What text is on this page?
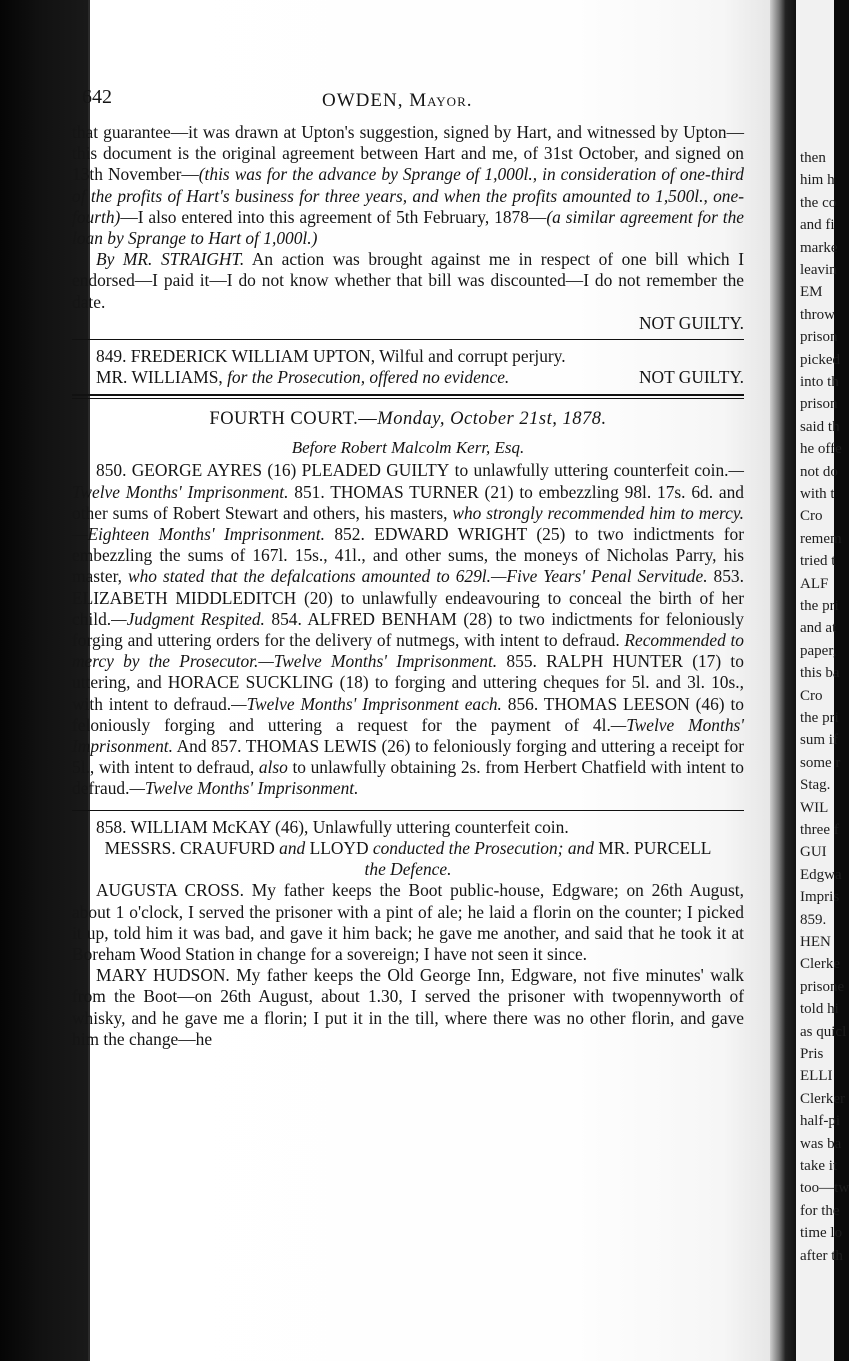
then
him h
the co
and fi
marke
leavin
EM
throw
prison
picked
into th
prison
said th
he offe
not do
with t
Cro
remem
tried t
ALF
the pri
and at
paper,
this ba
Cro
the pri
sum if
some r
Stag.
WIL
three f
GUI
Edgwa
Impris
859.
HEN
Clerke
prisone
told hi
as quicl
Pris
ELLI
Clerker
half-pi
was ba
take it
too—tw
for the
time lo
after th
642	OWDEN, Mayor.

that guarantee—it was drawn at Upton's suggestion, signed by Hart, and witnessed by Upton—this document is the original agreement between Hart and me, of 31st October, and signed on 13th November—(this was for the advance by Sprange of 1,000l., in consideration of one-third of the profits of Hart's business for three years, and when the profits amounted to 1,500l., one-fourth)—I also entered into this agreement of 5th February, 1878—(a similar agreement for the loan by Sprange to Hart of 1,000l.)

By MR. STRAIGHT. An action was brought against me in respect of one bill which I endorsed—I paid it—I do not know whether that bill was discounted—I do not remember the date.

NOT GUILTY.

849. FREDERICK WILLIAM UPTON, Wilful and corrupt perjury.

MR. WILLIAMS, for the Prosecution, offered no evidence.	NOT GUILTY.

FOURTH COURT.—Monday, October 21st, 1878.
Before Robert Malcolm Kerr, Esq.

850. GEORGE AYRES (16) PLEADED GUILTY to unlawfully uttering counterfeit coin.—Twelve Months' Imprisonment. 851. THOMAS TURNER (21) to embezzling 98l. 17s. 6d. and other sums of Robert Stewart and others, his masters, who strongly recommended him to mercy.—Eighteen Months' Imprisonment. 852. EDWARD WRIGHT (25) to two indictments for embezzling the sums of 167l. 15s., 41l., and other sums, the moneys of Nicholas Parry, his master, who stated that the defalcations amounted to 629l.—Five Years' Penal Servitude. 853. ELIZABETH MIDDLEDITCH (20) to unlawfully endeavouring to conceal the birth of her child.—Judgment Respited. 854. ALFRED BENHAM (28) to two indictments for feloniously forging and uttering orders for the delivery of nutmegs, with intent to defraud. Recommended to mercy by the Prosecutor.—Twelve Months' Imprisonment. 855. RALPH HUNTER (17) to uttering, and HORACE SUCKLING (18) to forging and uttering cheques for 5l. and 3l. 10s., with intent to defraud.—Twelve Months' Imprisonment each. 856. THOMAS LEESON (46) to feloniously forging and uttering a request for the payment of 4l.—Twelve Months' Imprisonment. And 857. THOMAS LEWIS (26) to feloniously forging and uttering a receipt for 5l., with intent to defraud, also to unlawfully obtaining 2s. from Herbert Chatfield with intent to defraud.—Twelve Months' Imprisonment.

858. WILLIAM McKAY (46), Unlawfully uttering counterfeit coin.

MESSRS. CRAUFURD and LLOYD conducted the Prosecution; and MR. PURCELL
the Defence.

AUGUSTA CROSS. My father keeps the Boot public-house, Edgware; on 26th August, about 1 o'clock, I served the prisoner with a pint of ale; he laid a florin on the counter; I picked it up, told him it was bad, and gave it him back; he gave me another, and said that he took it at Boreham Wood Station in change for a sovereign; I have not seen it since.

MARY HUDSON. My father keeps the Old George Inn, Edgware, not five minutes' walk from the Boot—on 26th August, about 1.30, I served the prisoner with twopennyworth of whisky, and he gave me a florin; I put it in the till, where there was no other florin, and gave him the change—he
